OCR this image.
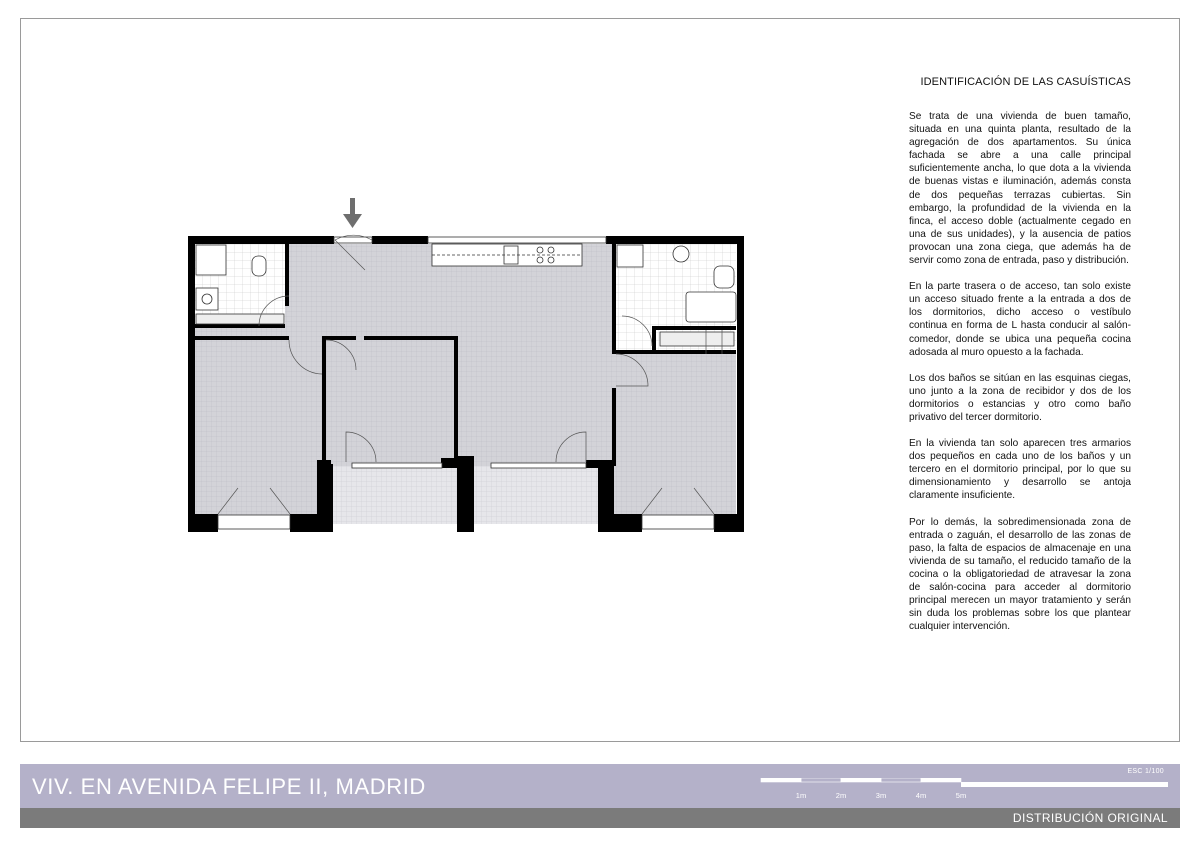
IDENTIFICACIÓN DE LAS CASUÍSTICAS

Se trata de una vivienda de buen tamaño, situada en una quinta planta, resultado de la agregación de dos apartamentos. Su única fachada se abre a una calle principal suficientemente ancha, lo que dota a la vivienda de buenas vistas e iluminación, además consta de dos pequeñas terrazas cubiertas. Sin embargo, la profundidad de la vivienda en la finca, el acceso doble (actualmente cegado en una de sus unidades), y la ausencia de patios provocan una zona ciega, que además ha de servir como zona de entrada, paso y distribución.

En la parte trasera o de acceso, tan solo existe un acceso situado frente a la entrada a dos de los dormitorios, dicho acceso o vestíbulo continua en forma de L hasta conducir al salón-comedor, donde se ubica una pequeña cocina adosada al muro opuesto a la fachada.

Los dos baños se sitúan en las esquinas ciegas, uno junto a la zona de recibidor y dos de los dormitorios o estancias y otro como baño privativo del tercer dormitorio.

En la vivienda tan solo aparecen tres armarios dos pequeños en cada uno de los baños y un tercero en el dormitorio principal, por lo que su dimensionamiento y desarrollo se antoja claramente insuficiente.

Por lo demás, la sobredimensionada zona de entrada o zaguán, el desarrollo de las zonas de paso, la falta de espacios de almacenaje en una vivienda de su tamaño, el reducido tamaño de la cocina o la obligatoriedad de atravesar la zona de salón-cocina para acceder al dormitorio principal merecen un mayor tratamiento y serán sin duda los problemas sobre los que plantear cualquier intervención.

VIV. EN AVENIDA FELIPE II, MADRID
ESC 1/100
1m	2m	3m	4m	5m
DISTRIBUCIÓN ORIGINAL
